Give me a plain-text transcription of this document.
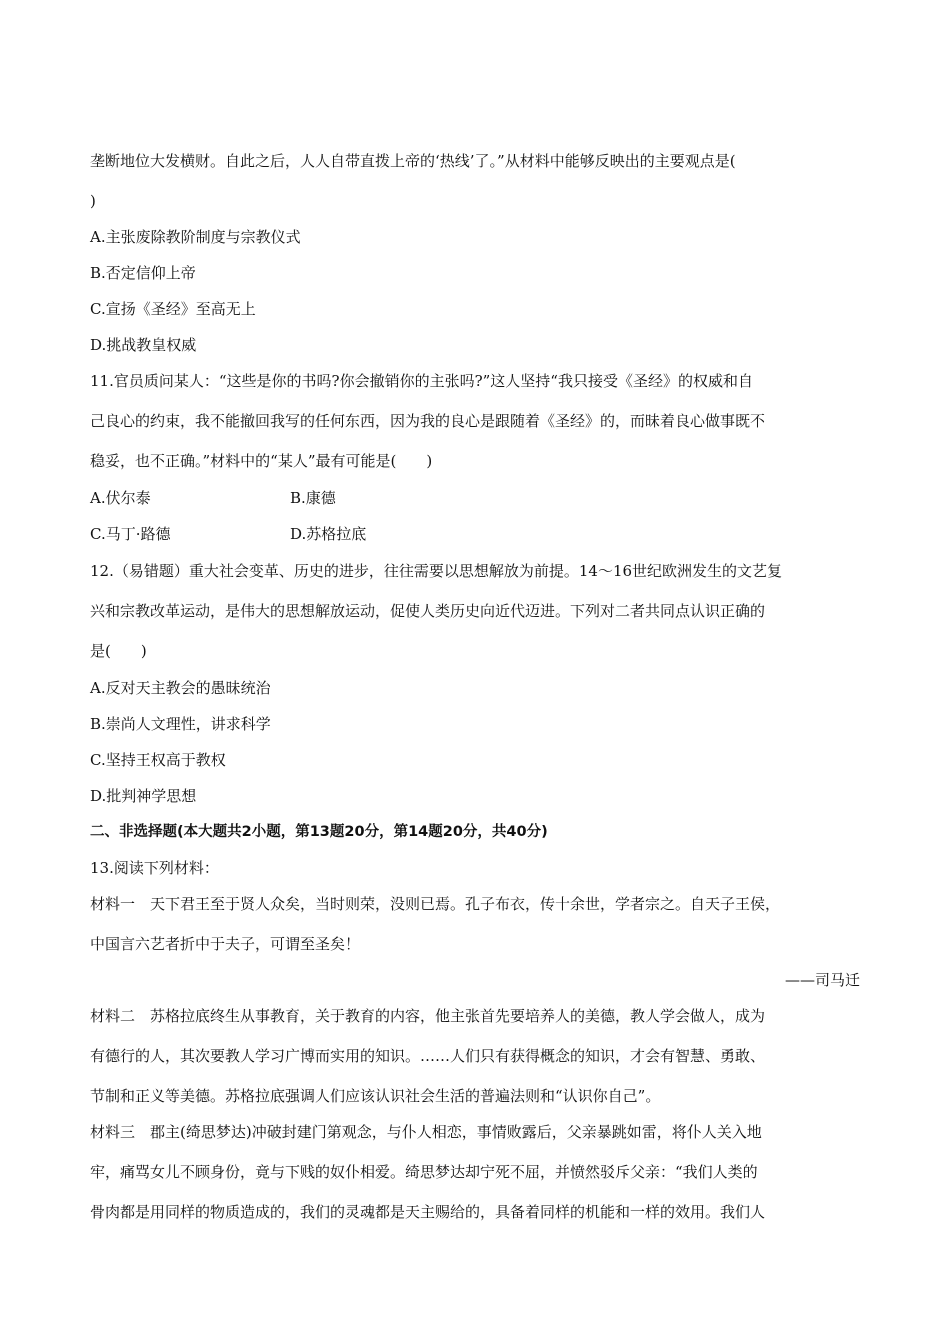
垄断地位大发横财。自此之后，人人自带直拨上帝的‘热线’了。”从材料中能够反映出的主要观点是(
)
A.主张废除教阶制度与宗教仪式
B.否定信仰上帝
C.宣扬《圣经》至高无上
D.挑战教皇权威
11.官员质问某人：“这些是你的书吗?你会撤销你的主张吗?”这人坚持“我只接受《圣经》的权威和自
己良心的约束，我不能撤回我写的任何东西，因为我的良心是跟随着《圣经》的，而昧着良心做事既不
稳妥，也不正确。”材料中的“某人”最有可能是(　　)
A.伏尔泰	B.康德
C.马丁·路德	D.苏格拉底
12.（易错题）重大社会变革、历史的进步，往往需要以思想解放为前提。14～16世纪欧洲发生的文艺复
兴和宗教改革运动，是伟大的思想解放运动，促使人类历史向近代迈进。下列对二者共同点认识正确的
是(　　)
A.反对天主教会的愚昧统治
B.崇尚人文理性，讲求科学
C.坚持王权高于教权
D.批判神学思想
二、非选择题(本大题共2小题，第13题20分，第14题20分，共40分)
13.阅读下列材料：
材料一　天下君王至于贤人众矣，当时则荣，没则已焉。孔子布衣，传十余世，学者宗之。自天子王侯，
中国言六艺者折中于夫子，可谓至圣矣！
——司马迁
材料二　苏格拉底终生从事教育，关于教育的内容，他主张首先要培养人的美德，教人学会做人，成为
有德行的人，其次要教人学习广博而实用的知识。……人们只有获得概念的知识，才会有智慧、勇敢、
节制和正义等美德。苏格拉底强调人们应该认识社会生活的普遍法则和“认识你自己”。
材料三　郡主(绮思梦达)冲破封建门第观念，与仆人相恋，事情败露后，父亲暴跳如雷，将仆人关入地
牢，痛骂女儿不顾身份，竟与下贱的奴仆相爱。绮思梦达却宁死不屈，并愤然驳斥父亲：“我们人类的
骨肉都是用同样的物质造成的，我们的灵魂都是天主赐给的，具备着同样的机能和一样的效用。我们人
